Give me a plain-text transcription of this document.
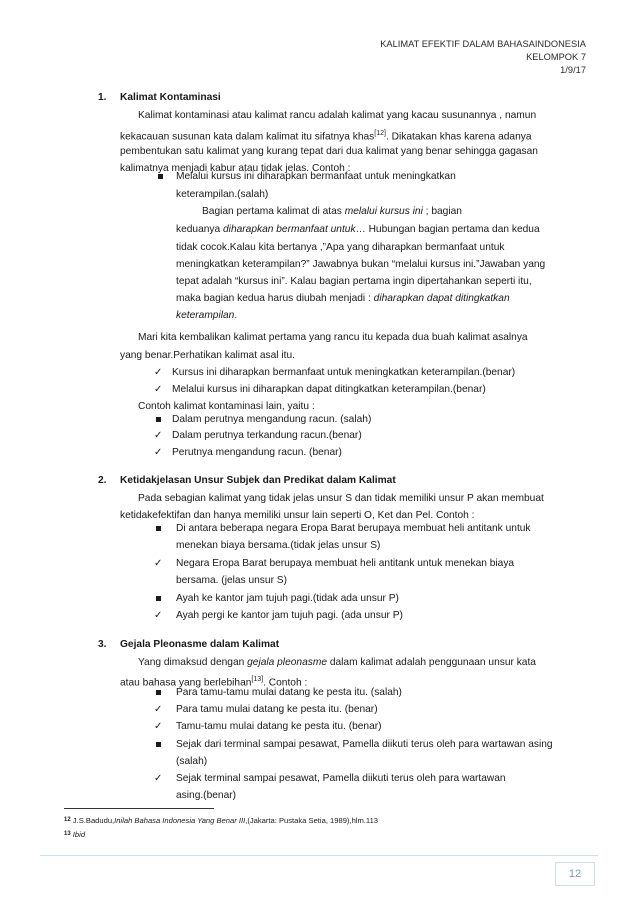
KALIMAT EFEKTIF DALAM BAHASAINDONESIA
KELOMPOK 7
1/9/17
1. Kalimat Kontaminasi
Kalimat kontaminasi atau kalimat rancu adalah kalimat yang kacau susunannya , namun
kekacauan susunan kata dalam kalimat itu sifatnya khas[12]. Dikatakan khas karena adanya
pembentukan satu kalimat yang kurang tepat dari dua kalimat yang benar sehingga gagasan
kalimatnya menjadi kabur atau tidak jelas. Contoh :
Melalui kursus ini diharapkan bermanfaat untuk meningkatkan
keterampilan.(salah)
Bagian pertama kalimat di atas melalui kursus ini ; bagian
keduanya diharapkan bermanfaat untuk… Hubungan bagian pertama dan kedua
tidak cocok.Kalau kita bertanya ,”Apa yang diharapkan bermanfaat untuk
meningkatkan keterampilan?” Jawabnya bukan “melalui kursus ini.”Jawaban yang
tepat adalah “kursus ini”. Kalau bagian pertama ingin dipertahankan seperti itu,
maka bagian kedua harus diubah menjadi : diharapkan dapat ditingkatkan
keterampilan.
Mari kita kembalikan kalimat pertama yang rancu itu kepada dua buah kalimat asalnya
yang benar.Perhatikan kalimat asal itu.
✓ Kursus ini diharapkan bermanfaat untuk meningkatkan keterampilan.(benar)
✓ Melalui kursus ini diharapkan dapat ditingkatkan keterampilan.(benar)
Contoh kalimat kontaminasi lain, yaitu :
Dalam perutnya mengandung racun. (salah)
✓ Dalam perutnya terkandung racun.(benar)
✓ Perutnya mengandung racun. (benar)
2. Ketidakjelasan Unsur Subjek dan Predikat dalam Kalimat
Pada sebagian kalimat yang tidak jelas unsur S dan tidak memiliki unsur P akan membuat
ketidakefektifan dan hanya memiliki unsur lain seperti O, Ket dan Pel. Contoh :
Di antara beberapa negara Eropa Barat berupaya membuat heli antitank untuk
menekan biaya bersama.(tidak jelas unsur S)
✓ Negara Eropa Barat berupaya membuat heli antitank untuk menekan biaya
bersama. (jelas unsur S)
Ayah ke kantor jam tujuh pagi.(tidak ada unsur P)
✓ Ayah pergi ke kantor jam tujuh pagi. (ada unsur P)
3. Gejala Pleonasme dalam Kalimat
Yang dimaksud dengan gejala pleonasme dalam kalimat adalah penggunaan unsur kata
atau bahasa yang berlebihan[13]. Contoh :
Para tamu-tamu mulai datang ke pesta itu. (salah)
✓ Para tamu mulai datang ke pesta itu. (benar)
✓ Tamu-tamu mulai datang ke pesta itu. (benar)
Sejak dari terminal sampai pesawat, Pamella diikuti terus oleh para wartawan asing
(salah)
✓ Sejak terminal sampai pesawat, Pamella diikuti terus oleh para wartawan
asing.(benar)
$^{12}$ J.S.Badudu,Inilah Bahasa Indonesia Yang Benar III,(Jakarta: Pustaka Setia, 1989),hlm.113
$^{13}$ Ibid
12
